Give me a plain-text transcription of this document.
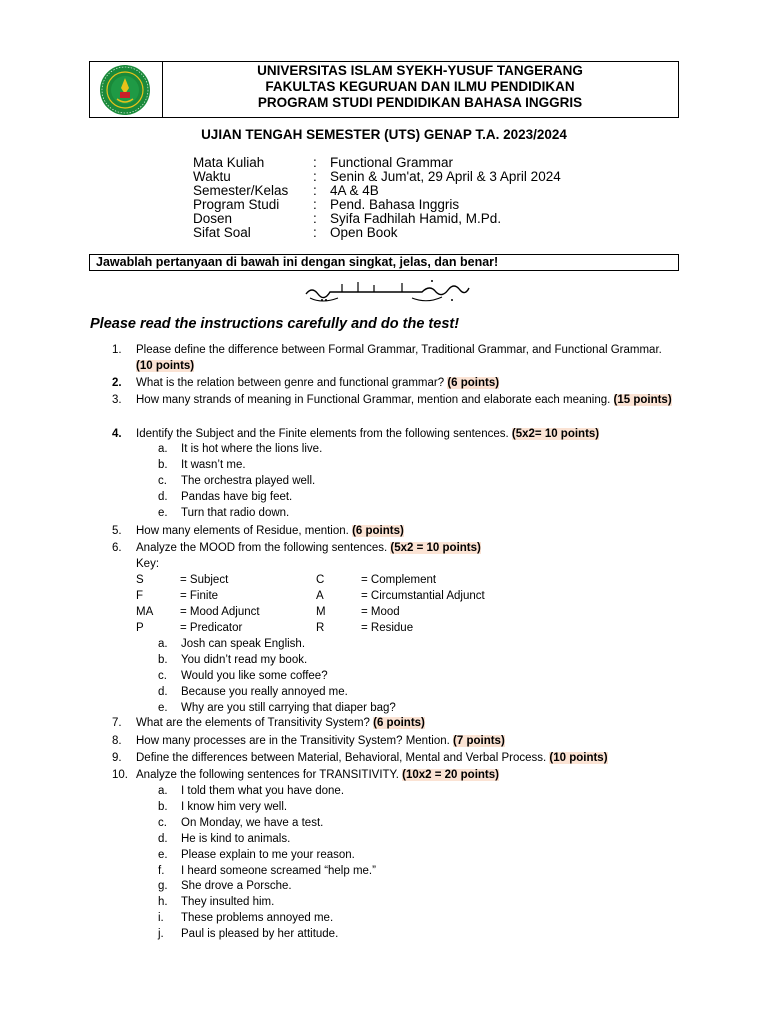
UNIVERSITAS ISLAM SYEKH-YUSUF TANGERANG
FAKULTAS KEGURUAN DAN ILMU PENDIDIKAN
PROGRAM STUDI PENDIDIKAN BAHASA INGGRIS
UJIAN TENGAH SEMESTER (UTS) GENAP T.A. 2023/2024
Mata Kuliah	: Functional Grammar
Waktu	: Senin & Jum'at, 29 April & 3 April 2024
Semester/Kelas	: 4A & 4B
Program Studi	: Pend. Bahasa Inggris
Dosen	: Syifa Fadhilah Hamid, M.Pd.
Sifat Soal	: Open Book
Jawablah pertanyaan di bawah ini dengan singkat, jelas, dan benar!
Please read the instructions carefully and do the test!
1.	Please define the difference between Formal Grammar, Traditional Grammar, and Functional Grammar. (10 points)
2.	What is the relation between genre and functional grammar? (6 points)
3.	How many strands of meaning in Functional Grammar, mention and elaborate each meaning. (15 points)
4.	Identify the Subject and the Finite elements from the following sentences. (5x2= 10 points)
a.	It is hot where the lions live.
b.	It wasn’t me.
c.	The orchestra played well.
d.	Pandas have big feet.
e.	Turn that radio down.
5.	How many elements of Residue, mention. (6 points)
6.	Analyze the MOOD from the following sentences. (5x2 = 10 points)
Key:
S	= Subject	C	= Complement
F	= Finite	A	= Circumstantial Adjunct
MA = Mood Adjunct	M	= Mood
P	= Predicator	R	= Residue
a.	Josh can speak English.
b.	You didn’t read my book.
c.	Would you like some coffee?
d.	Because you really annoyed me.
e.	Why are you still carrying that diaper bag?
7.	What are the elements of Transitivity System? (6 points)
8.	How many processes are in the Transitivity System? Mention. (7 points)
9.	Define the differences between Material, Behavioral, Mental and Verbal Process. (10 points)
10. Analyze the following sentences for TRANSITIVITY. (10x2 = 20 points)
a.	I told them what you have done.
b.	I know him very well.
c.	On Monday, we have a test.
d.	He is kind to animals.
e.	Please explain to me your reason.
f.	I heard someone screamed “help me.”
g.	She drove a Porsche.
h.	They insulted him.
i.	These problems annoyed me.
j.	Paul is pleased by her attitude.
